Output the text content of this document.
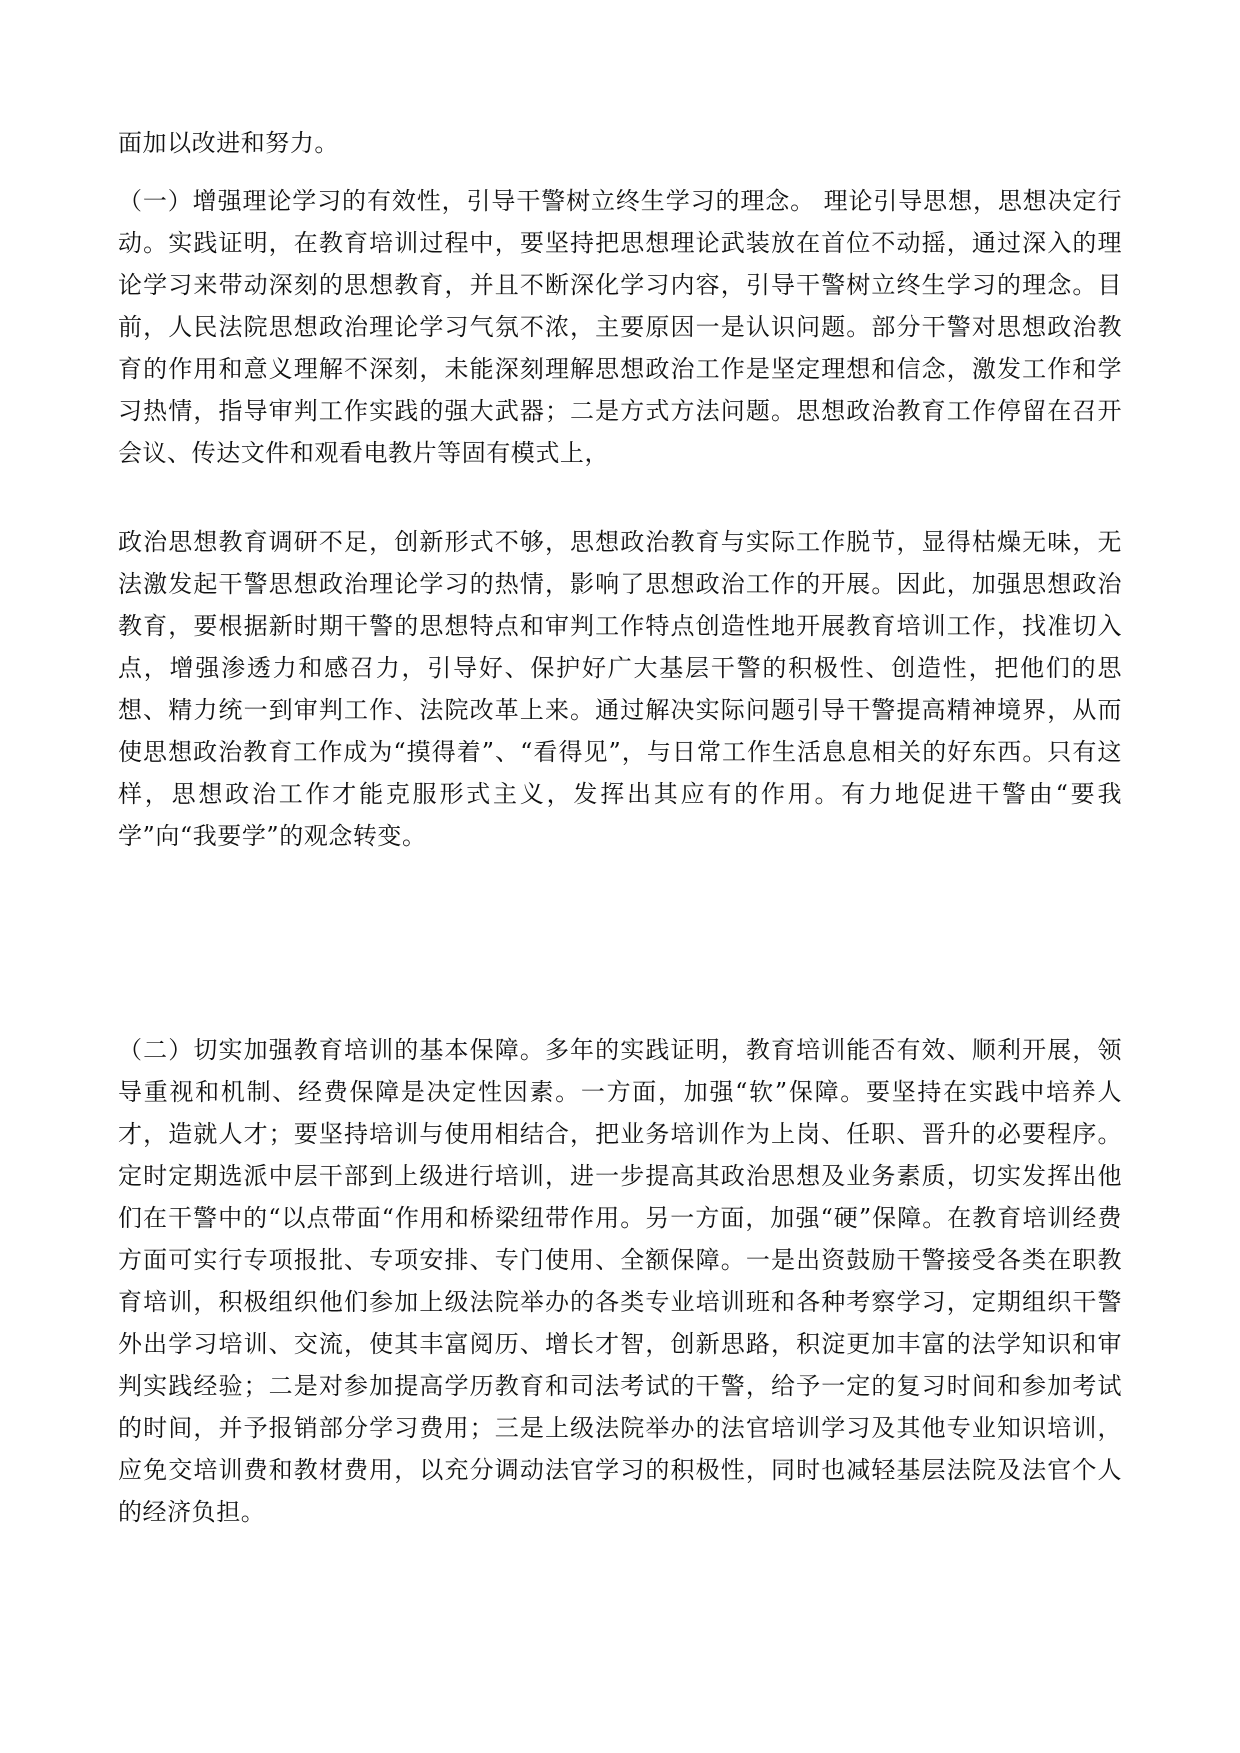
面加以改进和努力。

（一）增强理论学习的有效性，引导干警树立终生学习的理念。 理论引导思想，思想决定行动。实践证明，在教育培训过程中，要坚持把思想理论武装放在首位不动摇，通过深入的理论学习来带动深刻的思想教育，并且不断深化学习内容，引导干警树立终生学习的理念。目前，人民法院思想政治理论学习气氛不浓，主要原因一是认识问题。部分干警对思想政治教育的作用和意义理解不深刻，未能深刻理解思想政治工作是坚定理想和信念，激发工作和学习热情，指导审判工作实践的强大武器；二是方式方法问题。思想政治教育工作停留在召开会议、传达文件和观看电教片等固有模式上，

政治思想教育调研不足，创新形式不够，思想政治教育与实际工作脱节，显得枯燥无味，无法激发起干警思想政治理论学习的热情，影响了思想政治工作的开展。因此，加强思想政治教育，要根据新时期干警的思想特点和审判工作特点创造性地开展教育培训工作，找准切入点，增强渗透力和感召力，引导好、保护好广大基层干警的积极性、创造性，把他们的思想、精力统一到审判工作、法院改革上来。通过解决实际问题引导干警提高精神境界，从而使思想政治教育工作成为“摸得着”、“看得见”，与日常工作生活息息相关的好东西。只有这样，思想政治工作才能克服形式主义，发挥出其应有的作用。有力地促进干警由“要我学”向“我要学”的观念转变。

（二）切实加强教育培训的基本保障。多年的实践证明，教育培训能否有效、顺利开展，领导重视和机制、经费保障是决定性因素。一方面，加强“软”保障。要坚持在实践中培养人才，造就人才；要坚持培训与使用相结合，把业务培训作为上岗、任职、晋升的必要程序。定时定期选派中层干部到上级进行培训，进一步提高其政治思想及业务素质，切实发挥出他们在干警中的“以点带面“作用和桥梁纽带作用。另一方面，加强“硬”保障。在教育培训经费方面可实行专项报批、专项安排、专门使用、全额保障。一是出资鼓励干警接受各类在职教育培训，积极组织他们参加上级法院举办的各类专业培训班和各种考察学习，定期组织干警外出学习培训、交流，使其丰富阅历、增长才智，创新思路，积淀更加丰富的法学知识和审判实践经验；二是对参加提高学历教育和司法考试的干警，给予一定的复习时间和参加考试的时间，并予报销部分学习费用；三是上级法院举办的法官培训学习及其他专业知识培训，应免交培训费和教材费用，以充分调动法官学习的积极性，同时也减轻基层法院及法官个人的经济负担。
